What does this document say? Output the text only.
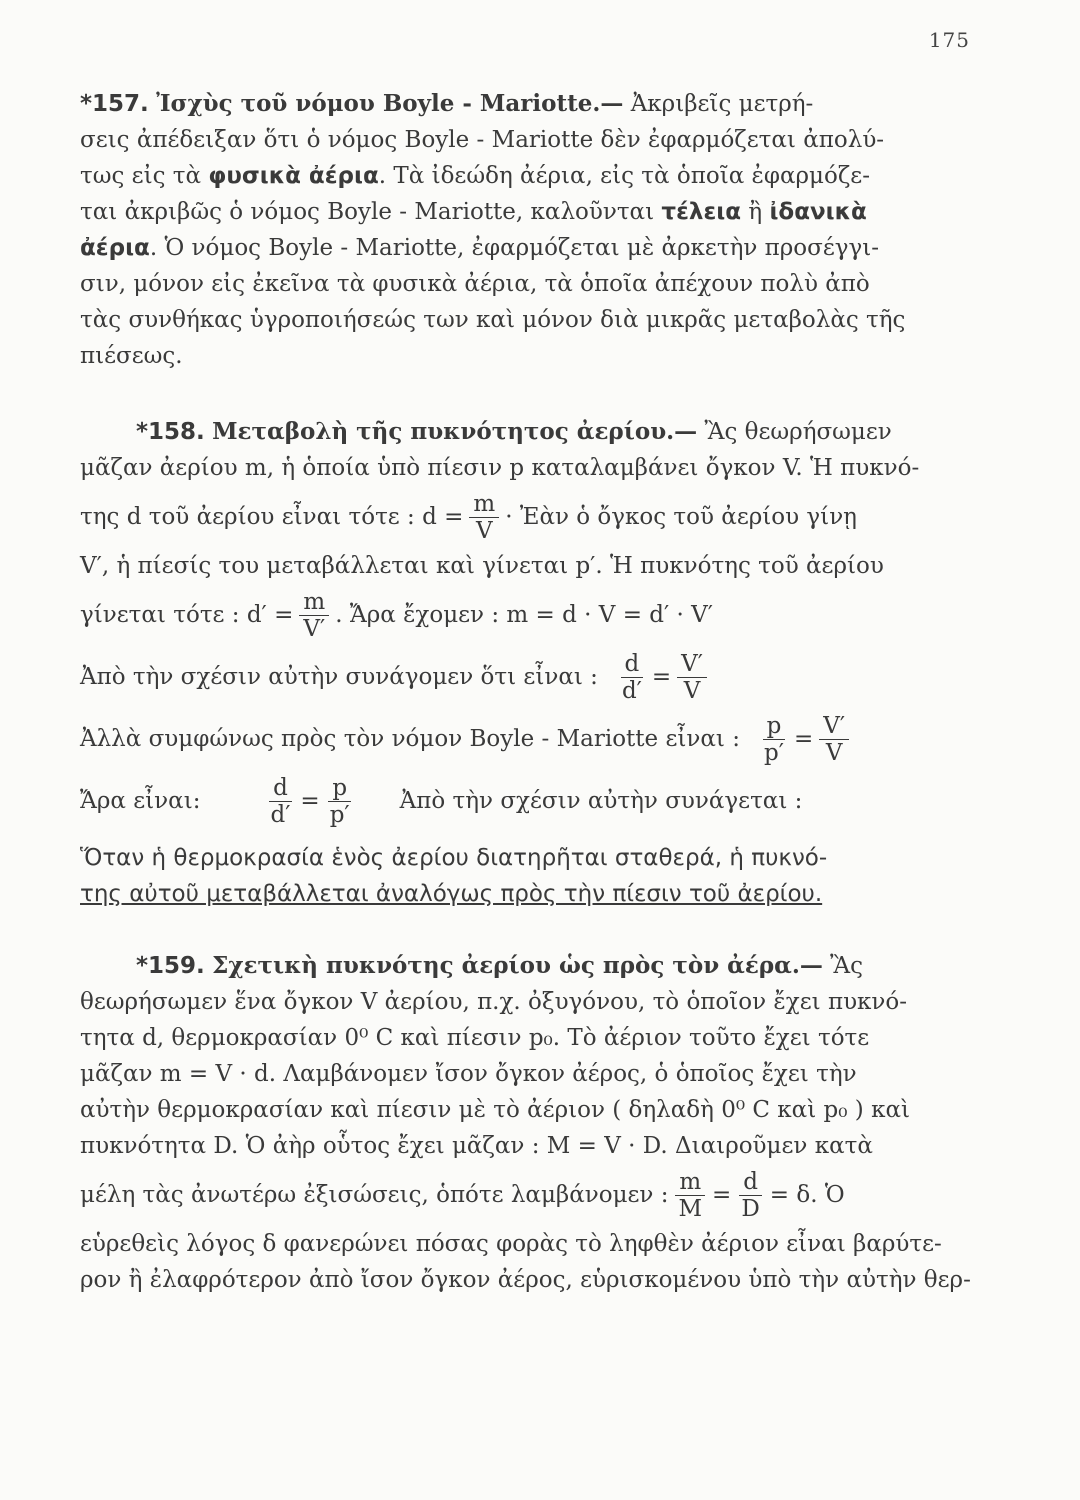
175
*157. Ἰσχὺς τοῦ νόμου Boyle - Mariotte.— Ἀκριβεῖς μετρή-
σεις ἀπέδειξαν ὅτι ὁ νόμος Boyle - Mariotte δὲν ἐφαρμόζεται ἀπολύ-
τως εἰς τὰ φυσικὰ ἀέρια. Τὰ ἰδεώδη ἀέρια, εἰς τὰ ὁποῖα ἐφαρμόζε-
ται ἀκριβῶς ὁ νόμος Boyle - Mariotte, καλοῦνται τέλεια ἢ ἰδανικὰ
ἀέρια. Ὁ νόμος Boyle - Mariotte, ἐφαρμόζεται μὲ ἀρκετὴν προσέγγι-
σιν, μόνον εἰς ἐκεῖνα τὰ φυσικὰ ἀέρια, τὰ ὁποῖα ἀπέχουν πολὺ ἀπὸ
τὰς συνθήκας ὑγροποιήσεώς των καὶ μόνον διὰ μικρᾶς μεταβολὰς τῆς
πιέσεως.
*158. Μεταβολὴ τῆς πυκνότητος ἀερίου.— Ἂς θεωρήσωμεν
μᾶζαν ἀερίου m, ἡ ὁποία ὑπὸ πίεσιν p καταλαμβάνει ὄγκον V. Ἡ πυκνό-
της d τοῦ ἀερίου εἶναι τότε : $d = \frac{m}{V}$ · Ἐὰν ὁ ὄγκος τοῦ ἀερίου γίνῃ
V′, ἡ πίεσίς του μεταβάλλεται καὶ γίνεται p′. Ἡ πυκνότης τοῦ ἀερίου
γίνεται τότε : $d' = \frac{m}{V'}$ . Ἄρα ἔχομεν : m = d · V = d′ · V′
Ἀπὸ τὴν σχέσιν αὐτὴν συνάγομεν ὅτι εἶναι : $\frac{d}{d'} = \frac{V'}{V}$
Ἀλλὰ συμφώνως πρὸς τὸν νόμον Boyle - Mariotte εἶναι : $\frac{p}{p'} = \frac{V'}{V}$
Ἄρα εἶναι:	$\frac{d}{d'} = \frac{p}{p'}$ Ἀπὸ τὴν σχέσιν αὐτὴν συνάγεται :
Ὅταν ἡ θερμοκρασία ἑνὸς ἀερίου διατηρῆται σταθερά, ἡ πυκνό-
της αὐτοῦ μεταβάλλεται ἀναλόγως πρὸς τὴν πίεσιν τοῦ ἀερίου.
*159. Σχετικὴ πυκνότης ἀερίου ὡς πρὸς τὸν ἀέρα.— Ἂς
θεωρήσωμεν ἕνα ὄγκον V ἀερίου, π.χ. ὀξυγόνου, τὸ ὁποῖον ἔχει πυκνό-
τητα d, θερμοκρασίαν 0⁰ C καὶ πίεσιν p₀. Τὸ ἀέριον τοῦτο ἔχει τότε
μᾶζαν m = V · d. Λαμβάνομεν ἴσον ὄγκον ἀέρος, ὁ ὁποῖος ἔχει τὴν
αὐτὴν θερμοκρασίαν καὶ πίεσιν μὲ τὸ ἀέριον ( δηλαδὴ 0⁰ C καὶ p₀ ) καὶ
πυκνότητα D. Ὁ ἀὴρ οὗτος ἔχει μᾶζαν : M = V · D. Διαιροῦμεν κατὰ
μέλη τὰς ἀνωτέρω ἐξισώσεις, ὁπότε λαμβάνομεν : $\frac{m}{M} = \frac{d}{D} = \delta$. Ὁ
εὑρεθεὶς λόγος δ φανερώνει πόσας φορὰς τὸ ληφθὲν ἀέριον εἶναι βαρύτε-
ρον ἢ ἐλαφρότερον ἀπὸ ἴσον ὄγκον ἀέρος, εὑρισκομένου ὑπὸ τὴν αὐτὴν θερ-
